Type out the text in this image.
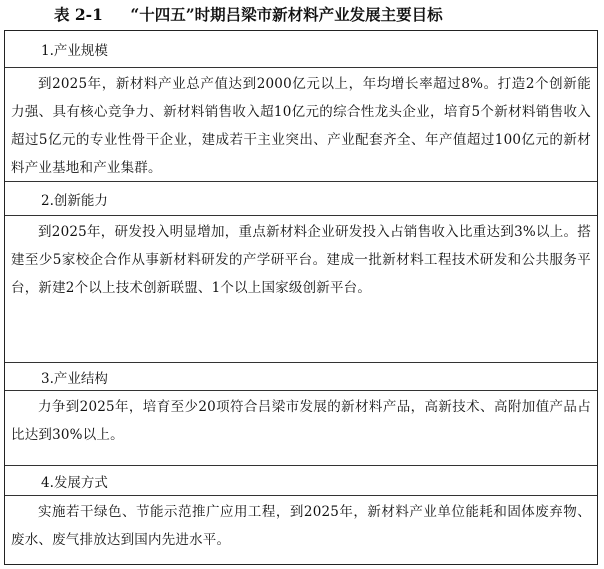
表 2-1 “十四五”时期吕梁市新材料产业发展主要目标
1.产业规模
到2025年，新材料产业总产值达到2000亿元以上，年均增长率超过8%。打造2个创新能力强、具有核心竞争力、新材料销售收入超10亿元的综合性龙头企业，培育5个新材料销售收入超过5亿元的专业性骨干企业，建成若干主业突出、产业配套齐全、年产值超过100亿元的新材料产业基地和产业集群。
2.创新能力
到2025年，研发投入明显增加，重点新材料企业研发投入占销售收入比重达到3%以上。搭建至少5家校企合作从事新材料研发的产学研平台。建成一批新材料工程技术研发和公共服务平台，新建2个以上技术创新联盟、1个以上国家级创新平台。
3.产业结构
力争到2025年，培育至少20项符合吕梁市发展的新材料产品，高新技术、高附加值产品占比达到30%以上。
4.发展方式
实施若干绿色、节能示范推广应用工程，到2025年，新材料产业单位能耗和固体废弃物、废水、废气排放达到国内先进水平。
